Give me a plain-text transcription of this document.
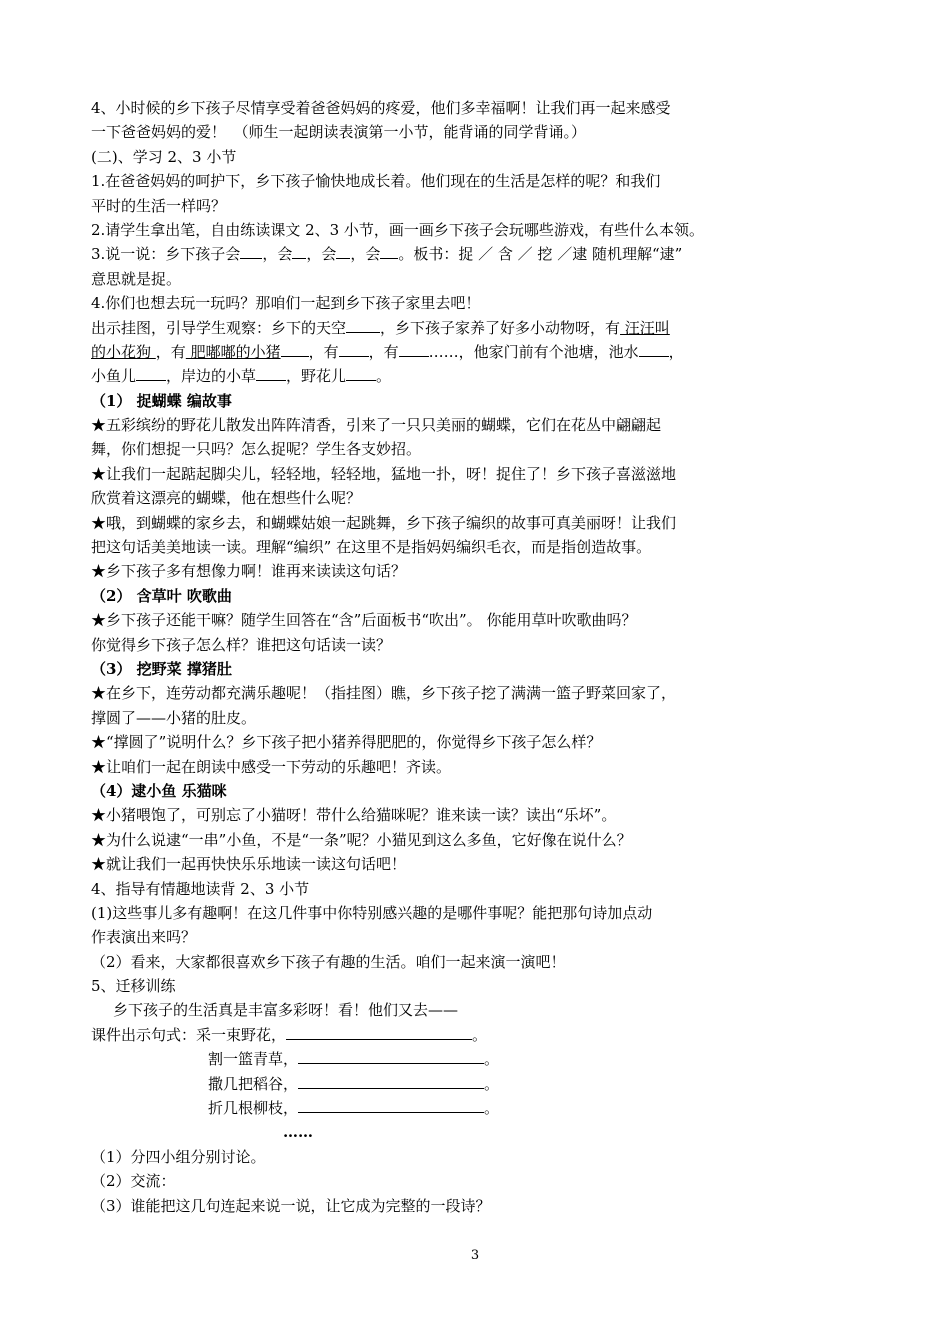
4、小时候的乡下孩子尽情享受着爸爸妈妈的疼爱，他们多幸福啊！让我们再一起来感受
一下爸爸妈妈的爱！　（师生一起朗读表演第一小节，能背诵的同学背诵。）
(二)、学习 2、3 小节
1.在爸爸妈妈的呵护下，乡下孩子愉快地成长着。他们现在的生活是怎样的呢？和我们
平时的生活一样吗？
2.请学生拿出笔，自由练读课文 2、3 小节，画一画乡下孩子会玩哪些游戏，有些什么本领。
3.说一说：乡下孩子会 ，会 ，会 ，会 。板书：捉 ／ 含 ／ 挖 ／逮 随机理解“逮”
意思就是捉。
4.你们也想去玩一玩吗？那咱们一起到乡下孩子家里去吧！
出示挂图，引导学生观察：乡下的天空 ，乡下孩子家养了好多小动物呀，有 汪汪叫
的小花狗 ，有 肥嘟嘟的小猪 ，有 ，有 ……，他家门前有个池塘，池水 ，
小鱼儿 ，岸边的小草 ，野花儿 。
（1） 捉蝴蝶 编故事
★五彩缤纷的野花儿散发出阵阵清香，引来了一只只美丽的蝴蝶，它们在花丛中翩翩起
舞，你们想捉一只吗？怎么捉呢？学生各支妙招。
★让我们一起踮起脚尖儿，轻轻地，轻轻地，猛地一扑，呀！捉住了！乡下孩子喜滋滋地
欣赏着这漂亮的蝴蝶，他在想些什么呢？
★哦，到蝴蝶的家乡去，和蝴蝶姑娘一起跳舞，乡下孩子编织的故事可真美丽呀！让我们
把这句话美美地读一读。理解“编织” 在这里不是指妈妈编织毛衣，而是指创造故事。
★乡下孩子多有想像力啊！谁再来读读这句话？
（2） 含草叶 吹歌曲
★乡下孩子还能干嘛？随学生回答在“含”后面板书“吹出”。 你能用草叶吹歌曲吗？
你觉得乡下孩子怎么样？谁把这句话读一读？
（3） 挖野菜 撑猪肚
★在乡下，连劳动都充满乐趣呢！（指挂图）瞧，乡下孩子挖了满满一篮子野菜回家了，
撑圆了——小猪的肚皮。
★“撑圆了”说明什么？乡下孩子把小猪养得肥肥的，你觉得乡下孩子怎么样？
★让咱们一起在朗读中感受一下劳动的乐趣吧！齐读。
（4）逮小鱼 乐猫咪
★小猪喂饱了，可别忘了小猫呀！带什么给猫咪呢？谁来读一读？读出“乐坏”。
★为什么说逮“一串”小鱼，不是“一条”呢？小猫见到这么多鱼，它好像在说什么？
★就让我们一起再快快乐乐地读一读这句话吧！
4、指导有情趣地读背 2、3 小节
(1)这些事儿多有趣啊！在这几件事中你特别感兴趣的是哪件事呢？能把那句诗加点动
作表演出来吗？
（2）看来，大家都很喜欢乡下孩子有趣的生活。咱们一起来演一演吧！
5、迁移训练
乡下孩子的生活真是丰富多彩呀！看！他们又去——
课件出示句式：采一束野花，	。
割一篮青草，	。
撒几把稻谷，	。
折几根柳枝，	。
……
（1）分四小组分别讨论。
（2）交流：
（3）谁能把这几句连起来说一说，让它成为完整的一段诗？
3
